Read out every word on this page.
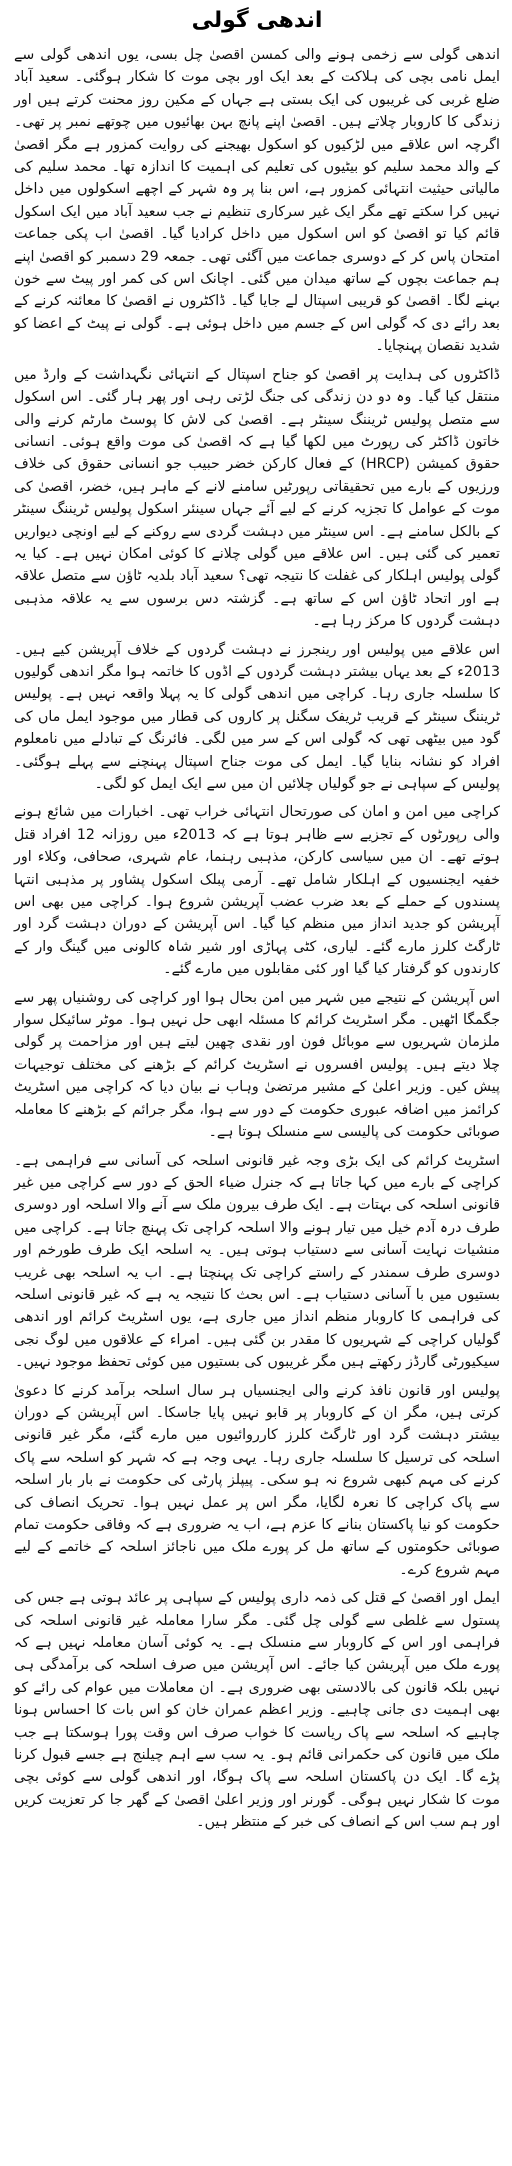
اندھی گولی

اندھی گولی سے زخمی ہونے والی کمسن اقصیٰ چل بسی، یوں اندھی گولی سے ایمل نامی بچی کی ہلاکت کے بعد ایک اور بچی موت کا شکار ہوگئی۔ سعید آباد ضلع غربی کی غریبوں کی ایک بستی ہے جہاں کے مکین روز محنت کرتے ہیں اور زندگی کا کاروبار چلاتے ہیں۔ اقصیٰ اپنے پانچ بہن بھائیوں میں چوتھے نمبر پر تھی۔ اگرچہ اس علاقے میں لڑکیوں کو اسکول بھیجنے کی روایت کمزور ہے مگر اقصیٰ کے والد محمد سلیم کو بیٹیوں کی تعلیم کی اہمیت کا اندازہ تھا۔ محمد سلیم کی مالیاتی حیثیت انتہائی کمزور ہے، اس بنا پر وہ شہر کے اچھے اسکولوں میں داخل نہیں کرا سکتے تھے مگر ایک غیر سرکاری تنظیم نے جب سعید آباد میں ایک اسکول قائم کیا تو اقصیٰ کو اس اسکول میں داخل کرادیا گیا۔ اقصیٰ اب پکی جماعت امتحان پاس کر کے دوسری جماعت میں آگئی تھی۔ جمعہ 29 دسمبر کو اقصیٰ اپنے ہم جماعت بچوں کے ساتھ میدان میں گئی۔ اچانک اس کی کمر اور پیٹ سے خون بہنے لگا۔ اقصیٰ کو قریبی اسپتال لے جایا گیا۔ ڈاکٹروں نے اقصیٰ کا معائنہ کرنے کے بعد رائے دی کہ گولی اس کے جسم میں داخل ہوئی ہے۔ گولی نے پیٹ کے اعضا کو شدید نقصان پہنچایا۔

ڈاکٹروں کی ہدایت پر اقصیٰ کو جناح اسپتال کے انتہائی نگہداشت کے وارڈ میں منتقل کیا گیا۔ وہ دو دن زندگی کی جنگ لڑتی رہی اور پھر ہار گئی۔ اس اسکول سے متصل پولیس ٹریننگ سینٹر ہے۔ اقصیٰ کی لاش کا پوسٹ مارٹم کرنے والی خاتون ڈاکٹر کی رپورٹ میں لکھا گیا ہے کہ اقصیٰ کی موت واقع ہوئی۔ انسانی حقوق کمیشن (HRCP) کے فعال کارکن خضر حبیب جو انسانی حقوق کی خلاف ورزیوں کے بارے میں تحقیقاتی رپورٹیں سامنے لانے کے ماہر ہیں، خضر، اقصیٰ کی موت کے عوامل کا تجزیہ کرنے کے لیے آئے جہاں سینئر اسکول پولیس ٹریننگ سینٹر کے بالکل سامنے ہے۔ اس سینٹر میں دہشت گردی سے روکنے کے لیے اونچی دیواریں تعمیر کی گئی ہیں۔ اس علاقے میں گولی چلانے کا کوئی امکان نہیں ہے۔ کیا یہ گولی پولیس اہلکار کی غفلت کا نتیجہ تھی؟ سعید آباد بلدیہ ٹاؤن سے متصل علاقہ ہے اور اتحاد ٹاؤن اس کے ساتھ ہے۔ گزشتہ دس برسوں سے یہ علاقہ مذہبی دہشت گردوں کا مرکز رہا ہے۔

اس علاقے میں پولیس اور رینجرز نے دہشت گردوں کے خلاف آپریشن کیے ہیں۔ 2013ء کے بعد یہاں بیشتر دہشت گردوں کے اڈوں کا خاتمہ ہوا مگر اندھی گولیوں کا سلسلہ جاری رہا۔ کراچی میں اندھی گولی کا یہ پہلا واقعہ نہیں ہے۔ پولیس ٹریننگ سینٹر کے قریب ٹریفک سگنل پر کاروں کی قطار میں موجود ایمل ماں کی گود میں بیٹھی تھی کہ گولی اس کے سر میں لگی۔ فائرنگ کے تبادلے میں نامعلوم افراد کو نشانہ بنایا گیا۔ ایمل کی موت جناح اسپتال پہنچنے سے پہلے ہوگئی۔ پولیس کے سپاہی نے جو گولیاں چلائیں ان میں سے ایک ایمل کو لگی۔

کراچی میں امن و امان کی صورتحال انتہائی خراب تھی۔ اخبارات میں شائع ہونے والی رپورٹوں کے تجزیے سے ظاہر ہوتا ہے کہ 2013ء میں روزانہ 12 افراد قتل ہوتے تھے۔ ان میں سیاسی کارکن، مذہبی رہنما، عام شہری، صحافی، وکلاء اور خفیہ ایجنسیوں کے اہلکار شامل تھے۔ آرمی پبلک اسکول پشاور پر مذہبی انتہا پسندوں کے حملے کے بعد ضرب عضب آپریشن شروع ہوا۔ کراچی میں بھی اس آپریشن کو جدید انداز میں منظم کیا گیا۔ اس آپریشن کے دوران دہشت گرد اور ٹارگٹ کلرز مارے گئے۔ لیاری، کٹی پہاڑی اور شیر شاہ کالونی میں گینگ وار کے کارندوں کو گرفتار کیا گیا اور کئی مقابلوں میں مارے گئے۔

اس آپریشن کے نتیجے میں شہر میں امن بحال ہوا اور کراچی کی روشنیاں پھر سے جگمگا اٹھیں۔ مگر اسٹریٹ کرائم کا مسئلہ ابھی حل نہیں ہوا۔ موٹر سائیکل سوار ملزمان شہریوں سے موبائل فون اور نقدی چھین لیتے ہیں اور مزاحمت پر گولی چلا دیتے ہیں۔ پولیس افسروں نے اسٹریٹ کرائم کے بڑھنے کی مختلف توجیہات پیش کیں۔ وزیر اعلیٰ کے مشیر مرتضیٰ وہاب نے بیان دیا کہ کراچی میں اسٹریٹ کرائمز میں اضافہ عبوری حکومت کے دور سے ہوا، مگر جرائم کے بڑھنے کا معاملہ صوبائی حکومت کی پالیسی سے منسلک ہوتا ہے۔

اسٹریٹ کرائم کی ایک بڑی وجہ غیر قانونی اسلحہ کی آسانی سے فراہمی ہے۔ کراچی کے بارے میں کہا جاتا ہے کہ جنرل ضیاء الحق کے دور سے کراچی میں غیر قانونی اسلحہ کی بہتات ہے۔ ایک طرف بیرون ملک سے آنے والا اسلحہ اور دوسری طرف درہ آدم خیل میں تیار ہونے والا اسلحہ کراچی تک پہنچ جاتا ہے۔ کراچی میں منشیات نہایت آسانی سے دستیاب ہوتی ہیں۔ یہ اسلحہ ایک طرف طورخم اور دوسری طرف سمندر کے راستے کراچی تک پہنچتا ہے۔ اب یہ اسلحہ بھی غریب بستیوں میں با آسانی دستیاب ہے۔ اس بحث کا نتیجہ یہ ہے کہ غیر قانونی اسلحہ کی فراہمی کا کاروبار منظم انداز میں جاری ہے، یوں اسٹریٹ کرائم اور اندھی گولیاں کراچی کے شہریوں کا مقدر بن گئی ہیں۔ امراء کے علاقوں میں لوگ نجی سیکیورٹی گارڈز رکھتے ہیں مگر غریبوں کی بستیوں میں کوئی تحفظ موجود نہیں۔

پولیس اور قانون نافذ کرنے والی ایجنسیاں ہر سال اسلحہ برآمد کرنے کا دعویٰ کرتی ہیں، مگر ان کے کاروبار پر قابو نہیں پایا جاسکا۔ اس آپریشن کے دوران بیشتر دہشت گرد اور ٹارگٹ کلرز کارروائیوں میں مارے گئے، مگر غیر قانونی اسلحہ کی ترسیل کا سلسلہ جاری رہا۔ یہی وجہ ہے کہ شہر کو اسلحہ سے پاک کرنے کی مہم کبھی شروع نہ ہو سکی۔ پیپلز پارٹی کی حکومت نے بار بار اسلحہ سے پاک کراچی کا نعرہ لگایا، مگر اس پر عمل نہیں ہوا۔ تحریک انصاف کی حکومت کو نیا پاکستان بنانے کا عزم ہے، اب یہ ضروری ہے کہ وفاقی حکومت تمام صوبائی حکومتوں کے ساتھ مل کر پورے ملک میں ناجائز اسلحہ کے خاتمے کے لیے مہم شروع کرے۔

ایمل اور اقصیٰ کے قتل کی ذمہ داری پولیس کے سپاہی پر عائد ہوتی ہے جس کی پستول سے غلطی سے گولی چل گئی۔ مگر سارا معاملہ غیر قانونی اسلحہ کی فراہمی اور اس کے کاروبار سے منسلک ہے۔ یہ کوئی آسان معاملہ نہیں ہے کہ پورے ملک میں آپریشن کیا جائے۔ اس آپریشن میں صرف اسلحہ کی برآمدگی ہی نہیں بلکہ قانون کی بالادستی بھی ضروری ہے۔ ان معاملات میں عوام کی رائے کو بھی اہمیت دی جانی چاہیے۔ وزیر اعظم عمران خان کو اس بات کا احساس ہونا چاہیے کہ اسلحہ سے پاک ریاست کا خواب صرف اس وقت پورا ہوسکتا ہے جب ملک میں قانون کی حکمرانی قائم ہو۔ یہ سب سے اہم چیلنج ہے جسے قبول کرنا پڑے گا۔ ایک دن پاکستان اسلحہ سے پاک ہوگا، اور اندھی گولی سے کوئی بچی موت کا شکار نہیں ہوگی۔ گورنر اور وزیر اعلیٰ اقصیٰ کے گھر جا کر تعزیت کریں اور ہم سب اس کے انصاف کی خبر کے منتظر ہیں۔
